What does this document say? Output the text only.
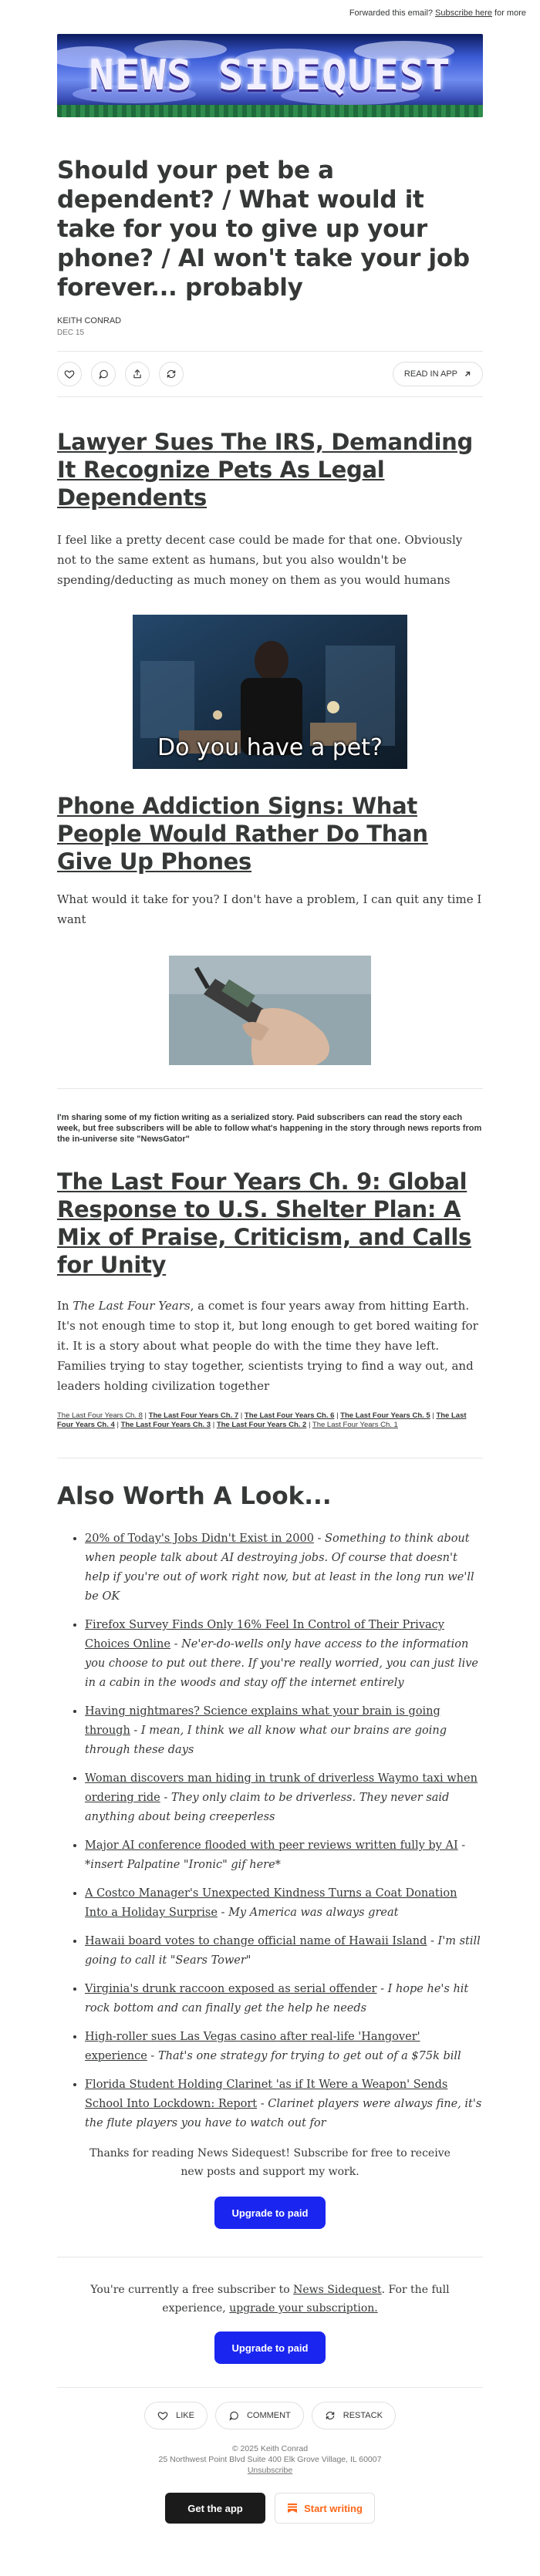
Forwarded this email? Subscribe here for more
NEWS SIDEQUEST
Should your pet be a dependent? / What would it take for you to give up your phone? / AI won't take your job forever... probably
KEITH CONRAD
DEC 15
READ IN APP
Lawyer Sues The IRS, Demanding It Recognize Pets As Legal Dependents

I feel like a pretty decent case could be made for that one. Obviously not to the same extent as humans, but you also wouldn't be spending/deducting as much money on them as you would humans

Do you have a pet?
Phone Addiction Signs: What People Would Rather Do Than Give Up Phones

What would it take for you? I don't have a problem, I can quit any time I want

I'm sharing some of my fiction writing as a serialized story. Paid subscribers can read the story each week, but free subscribers will be able to follow what's happening in the story through news reports from the in-universe site "NewsGator"

The Last Four Years Ch. 9: Global Response to U.S. Shelter Plan: A Mix of Praise, Criticism, and Calls for Unity

In The Last Four Years, a comet is four years away from hitting Earth. It's not enough time to stop it, but long enough to get bored waiting for it. It is a story about what people do with the time they have left. Families trying to stay together, scientists trying to find a way out, and leaders holding civilization together

The Last Four Years Ch. 8 | The Last Four Years Ch. 7 | The Last Four Years Ch. 6 | The Last Four Years Ch. 5 | The Last Four Years Ch. 4 | The Last Four Years Ch. 3 | The Last Four Years Ch. 2 | The Last Four Years Ch. 1

Also Worth A Look...
• 20% of Today's Jobs Didn't Exist in 2000 - Something to think about when people talk about AI destroying jobs. Of course that doesn't help if you're out of work right now, but at least in the long run we'll be OK
• Firefox Survey Finds Only 16% Feel In Control of Their Privacy Choices Online - Ne'er-do-wells only have access to the information you choose to put out there. If you're really worried, you can just live in a cabin in the woods and stay off the internet entirely
• Having nightmares? Science explains what your brain is going through - I mean, I think we all know what our brains are going through these days
• Woman discovers man hiding in trunk of driverless Waymo taxi when ordering ride - They only claim to be driverless. They never said anything about being creeperless
• Major AI conference flooded with peer reviews written fully by AI - *insert Palpatine "Ironic" gif here*
• A Costco Manager's Unexpected Kindness Turns a Coat Donation Into a Holiday Surprise - My America was always great
• Hawaii board votes to change official name of Hawaii Island - I'm still going to call it "Sears Tower"
• Virginia's drunk raccoon exposed as serial offender - I hope he's hit rock bottom and can finally get the help he needs
• High-roller sues Las Vegas casino after real-life 'Hangover' experience - That's one strategy for trying to get out of a $75k bill
• Florida Student Holding Clarinet 'as if It Were a Weapon' Sends School Into Lockdown: Report - Clarinet players were always fine, it's the flute players you have to watch out for

Thanks for reading News Sidequest! Subscribe for free to receive new posts and support my work.

Upgrade to paid

You're currently a free subscriber to News Sidequest. For the full experience, upgrade your subscription.

Upgrade to paid
LIKE	COMMENT	RESTACK
© 2025 Keith Conrad
25 Northwest Point Blvd Suite 400 Elk Grove Village, IL 60007
Unsubscribe
Get the app	Start writing
